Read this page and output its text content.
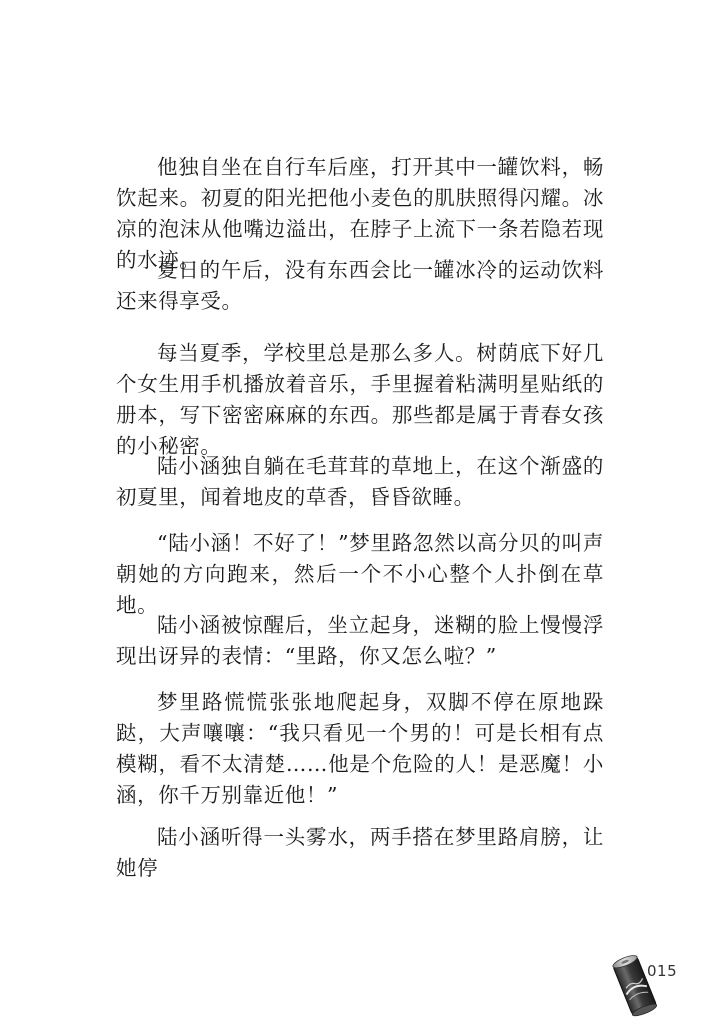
他独自坐在自行车后座，打开其中一罐饮料，畅饮起来。初夏的阳光把他小麦色的肌肤照得闪耀。冰凉的泡沫从他嘴边溢出，在脖子上流下一条若隐若现的水迹。

夏日的午后，没有东西会比一罐冰冷的运动饮料还来得享受。

每当夏季，学校里总是那么多人。树荫底下好几个女生用手机播放着音乐，手里握着粘满明星贴纸的册本，写下密密麻麻的东西。那些都是属于青春女孩的小秘密。

陆小涵独自躺在毛茸茸的草地上，在这个渐盛的初夏里，闻着地皮的草香，昏昏欲睡。

“陆小涵！不好了！”梦里路忽然以高分贝的叫声朝她的方向跑来，然后一个不小心整个人扑倒在草地。

陆小涵被惊醒后，坐立起身，迷糊的脸上慢慢浮现出讶异的表情：“里路，你又怎么啦？”

梦里路慌慌张张地爬起身，双脚不停在原地跺跶，大声嚷嚷：“我只看见一个男的！可是长相有点模糊，看不太清楚……他是个危险的人！是恶魔！小涵，你千万别靠近他！”

陆小涵听得一头雾水，两手搭在梦里路肩膀，让她停

015
